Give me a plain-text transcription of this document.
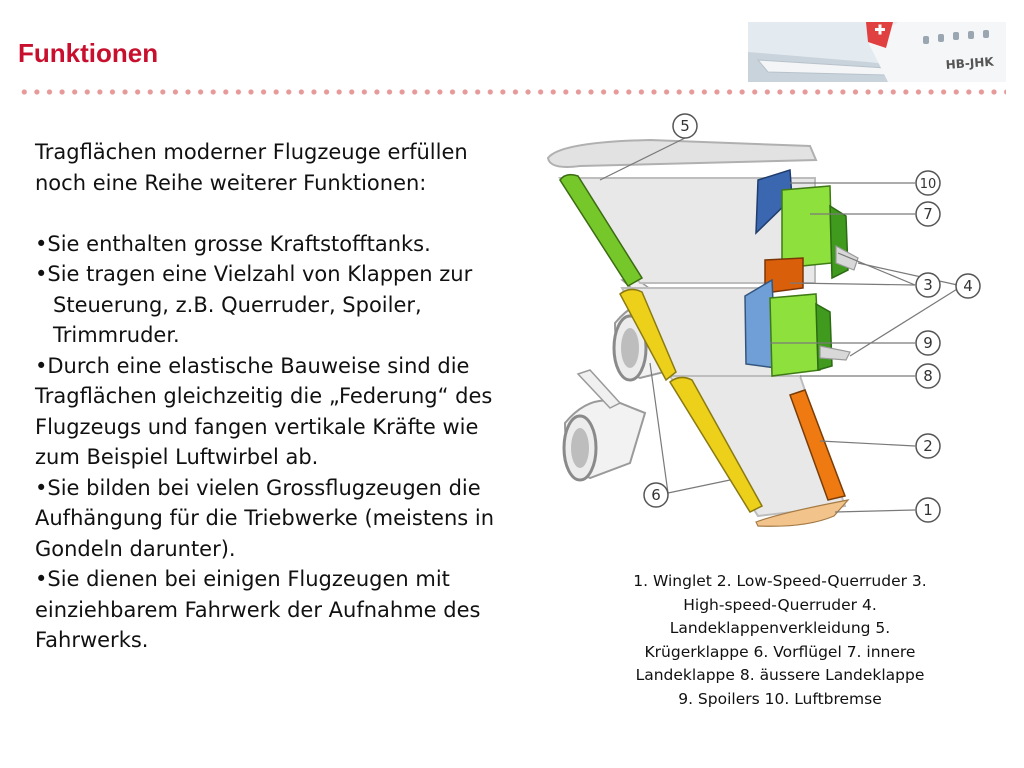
Funktionen	HB-JHK

Tragflächen moderner Flugzeuge erfüllen noch eine Reihe weiterer Funktionen:

•Sie enthalten grosse Kraftstofftanks.

•Sie tragen eine Vielzahl von Klappen zur Steuerung, z.B. Querruder, Spoiler, Trimmruder.

•Durch eine elastische Bauweise sind die Tragflächen gleichzeitig die „Federung“ des Flugzeugs und fangen vertikale Kräfte wie zum Beispiel Luftwirbel ab.

•Sie bilden bei vielen Grossflugzeugen die Aufhängung für die Triebwerke (meistens in Gondeln darunter).

•Sie dienen bei einigen Flugzeugen mit einziehbarem Fahrwerk der Aufnahme des Fahrwerks.

5
10
7
3 4
9
8
2
6
1

1. Winglet 2. Low-Speed-Querruder 3.

High-speed-Querruder 4.

Landeklappenverkleidung 5.

Krügerklappe 6. Vorflügel 7. innere

Landeklappe 8. äussere Landeklappe

9. Spoilers 10. Luftbremse
